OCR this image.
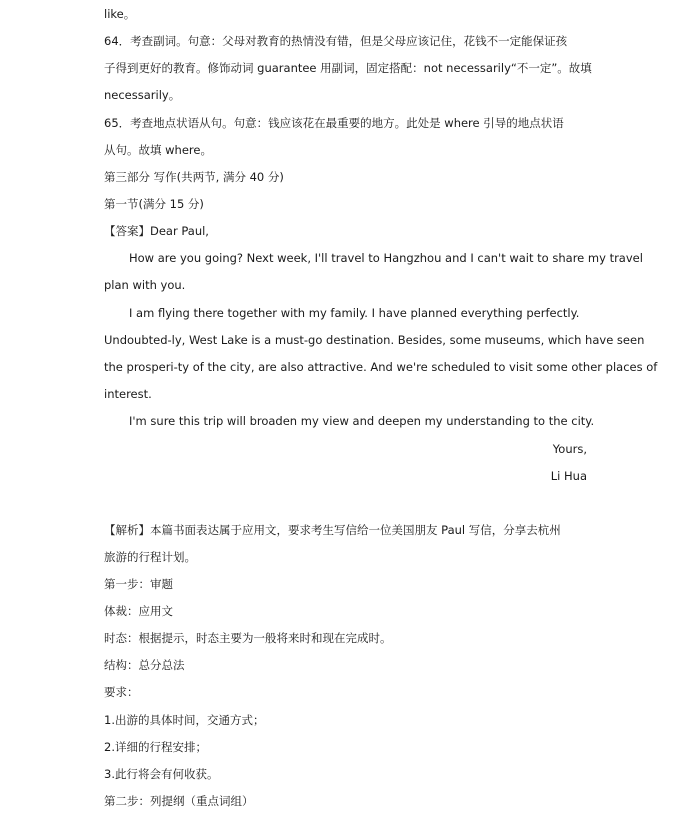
like。
64．考查副词。句意：父母对教育的热情没有错，但是父母应该记住，花钱不一定能保证孩
子得到更好的教育。修饰动词 guarantee 用副词，固定搭配：not necessarily“不一定”。故填
necessarily。
65．考查地点状语从句。句意：钱应该花在最重要的地方。此处是 where 引导的地点状语
从句。故填 where。
第三部分 写作(共两节, 满分 40 分)
第一节(满分 15 分)
【答案】Dear Paul,
How are you going? Next week, I'll travel to Hangzhou and I can't wait to share my travel
plan with you.
I am flying there together with my family. I have planned everything perfectly.
Undoubted-ly, West Lake is a must-go destination. Besides, some museums, which have seen
the prosperi-ty of the city, are also attractive. And we're scheduled to visit some other places of
interest.
I'm sure this trip will broaden my view and deepen my understanding to the city.
Yours,
Li Hua
【解析】本篇书面表达属于应用文，要求考生写信给一位美国朋友 Paul 写信，分享去杭州
旅游的行程计划。
第一步：审题
体裁：应用文
时态：根据提示，时态主要为一般将来时和现在完成时。
结构：总分总法
要求：
1.出游的具体时间，交通方式；
2.详细的行程安排；
3.此行将会有何收获。
第二步：列提纲（重点词组）
